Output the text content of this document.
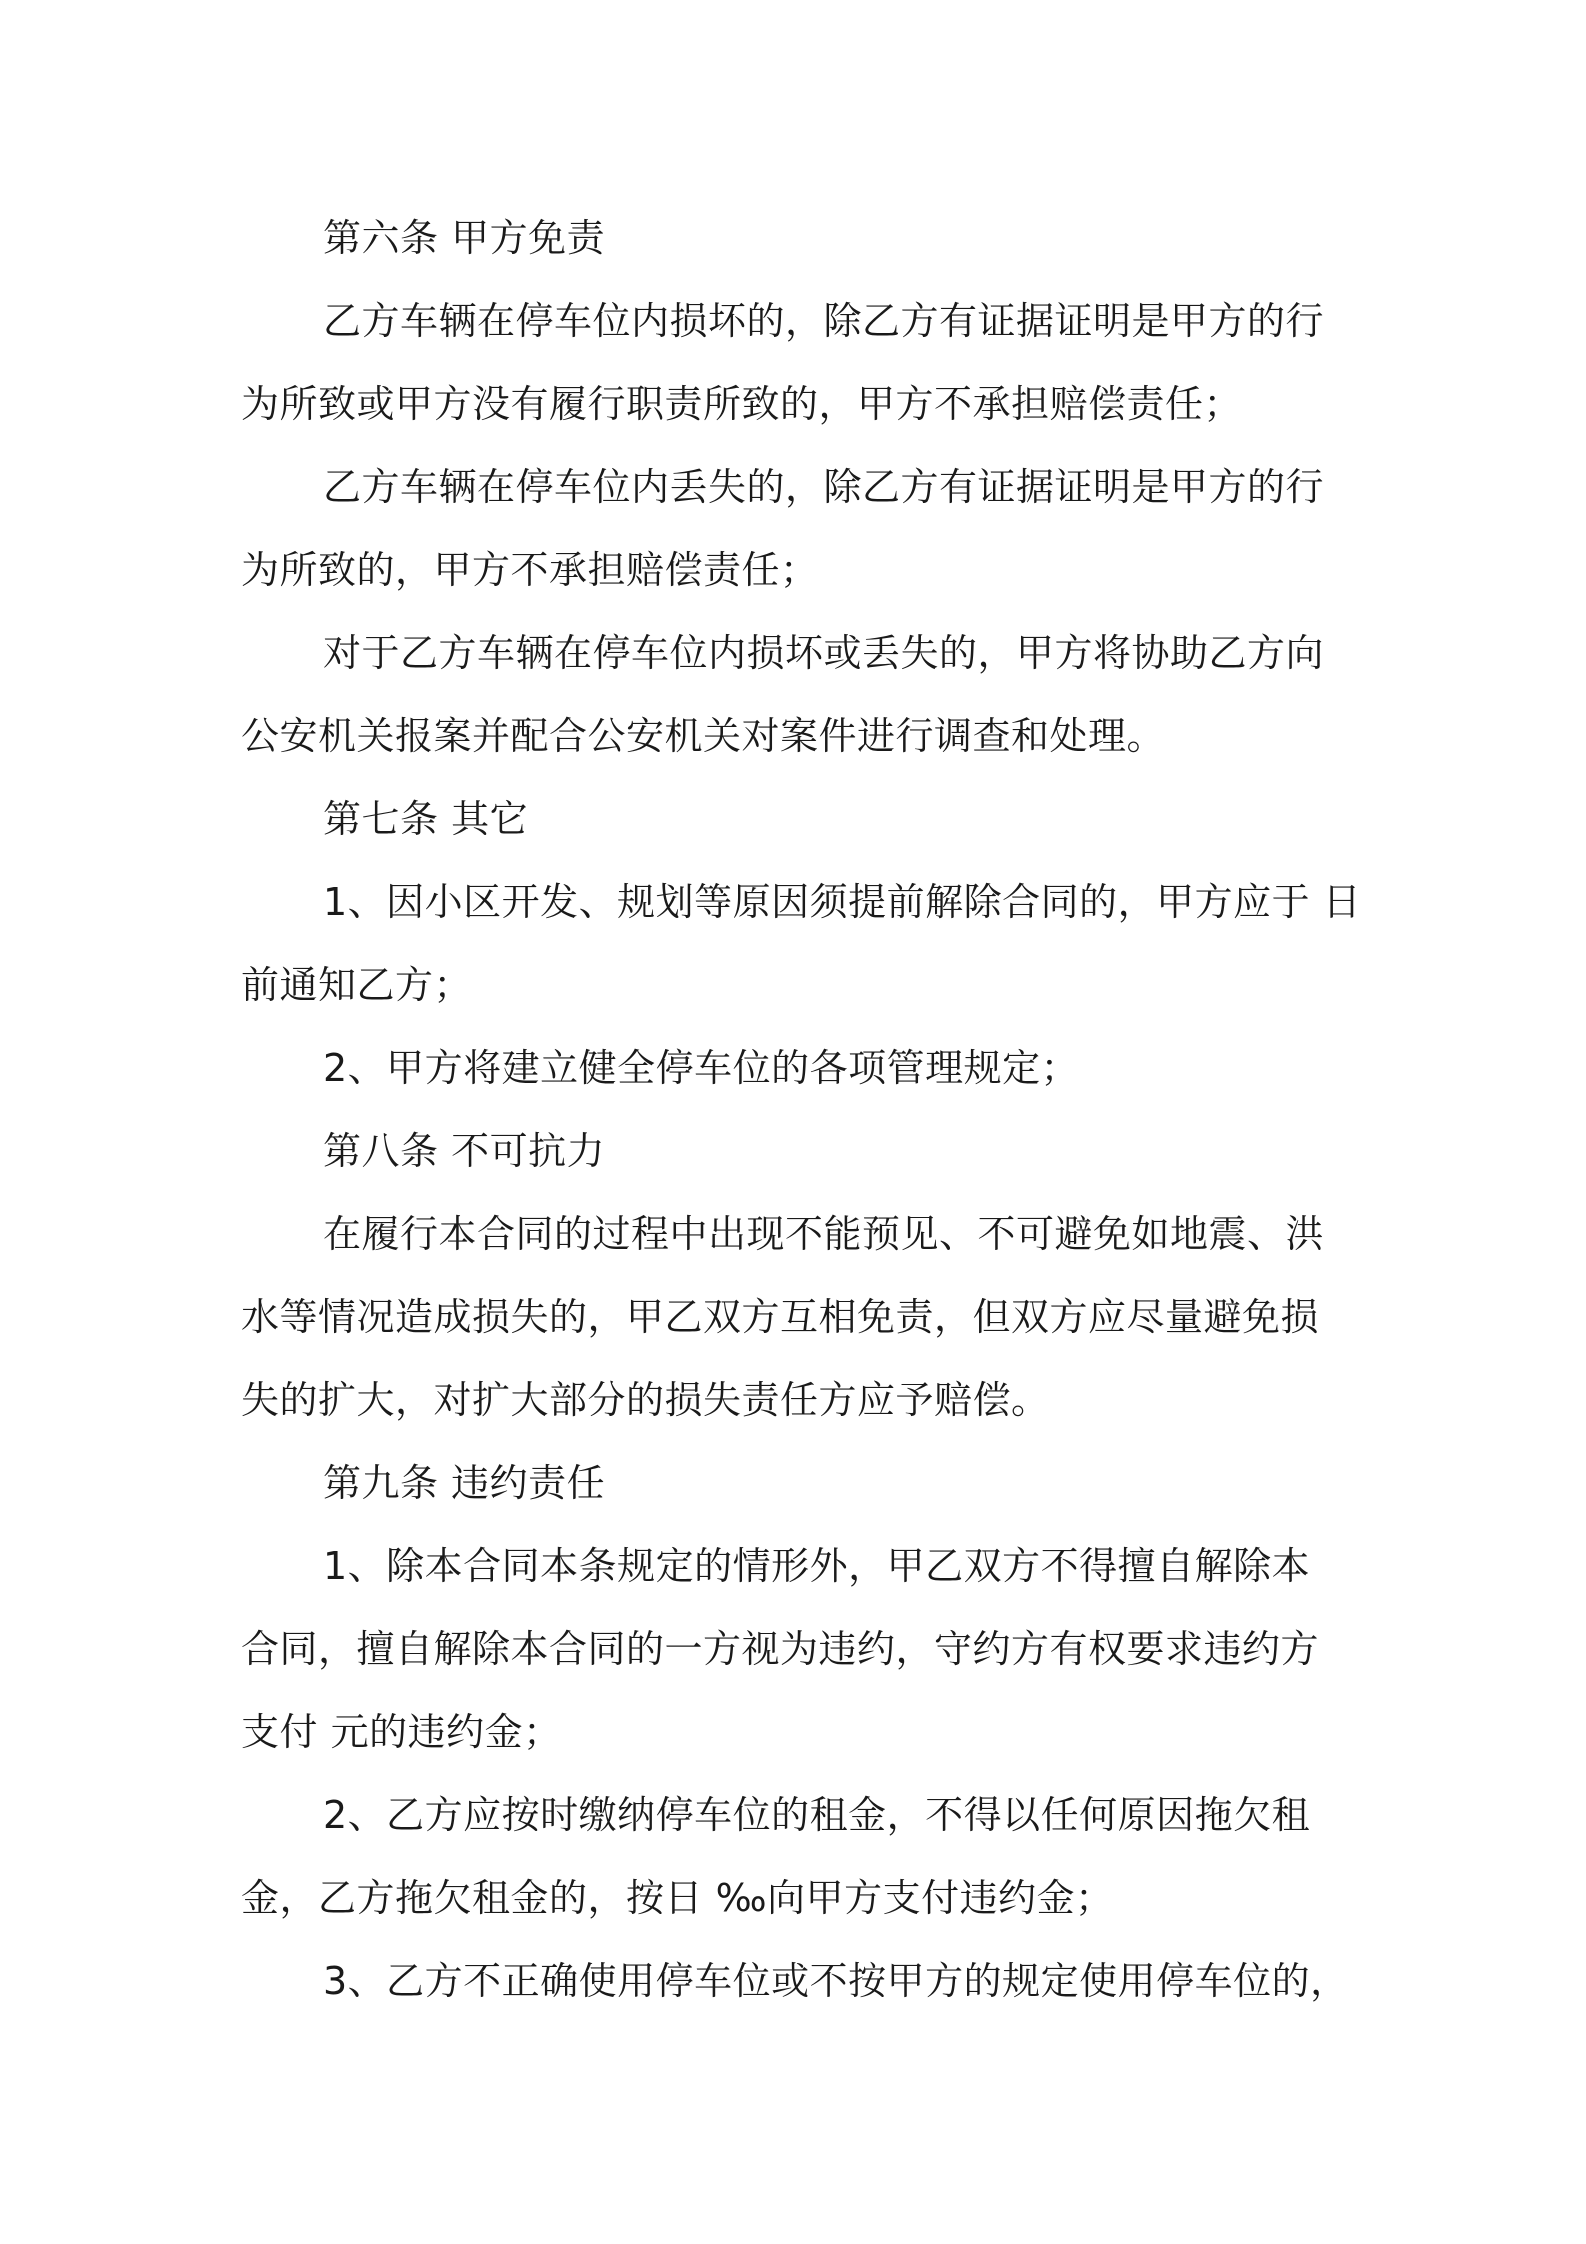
第六条 甲方免责
乙方车辆在停车位内损坏的，除乙方有证据证明是甲方的行
为所致或甲方没有履行职责所致的，甲方不承担赔偿责任；
乙方车辆在停车位内丢失的，除乙方有证据证明是甲方的行
为所致的，甲方不承担赔偿责任；
对于乙方车辆在停车位内损坏或丢失的，甲方将协助乙方向
公安机关报案并配合公安机关对案件进行调查和处理。
第七条 其它
1、因小区开发、规划等原因须提前解除合同的，甲方应于 日
前通知乙方；
2、甲方将建立健全停车位的各项管理规定；
第八条 不可抗力
在履行本合同的过程中出现不能预见、不可避免如地震、洪
水等情况造成损失的，甲乙双方互相免责，但双方应尽量避免损
失的扩大，对扩大部分的损失责任方应予赔偿。
第九条 违约责任
1、除本合同本条规定的情形外，甲乙双方不得擅自解除本
合同，擅自解除本合同的一方视为违约，守约方有权要求违约方
支付 元的违约金；
2、乙方应按时缴纳停车位的租金，不得以任何原因拖欠租
金，乙方拖欠租金的，按日 ‰向甲方支付违约金；
3、乙方不正确使用停车位或不按甲方的规定使用停车位的，
